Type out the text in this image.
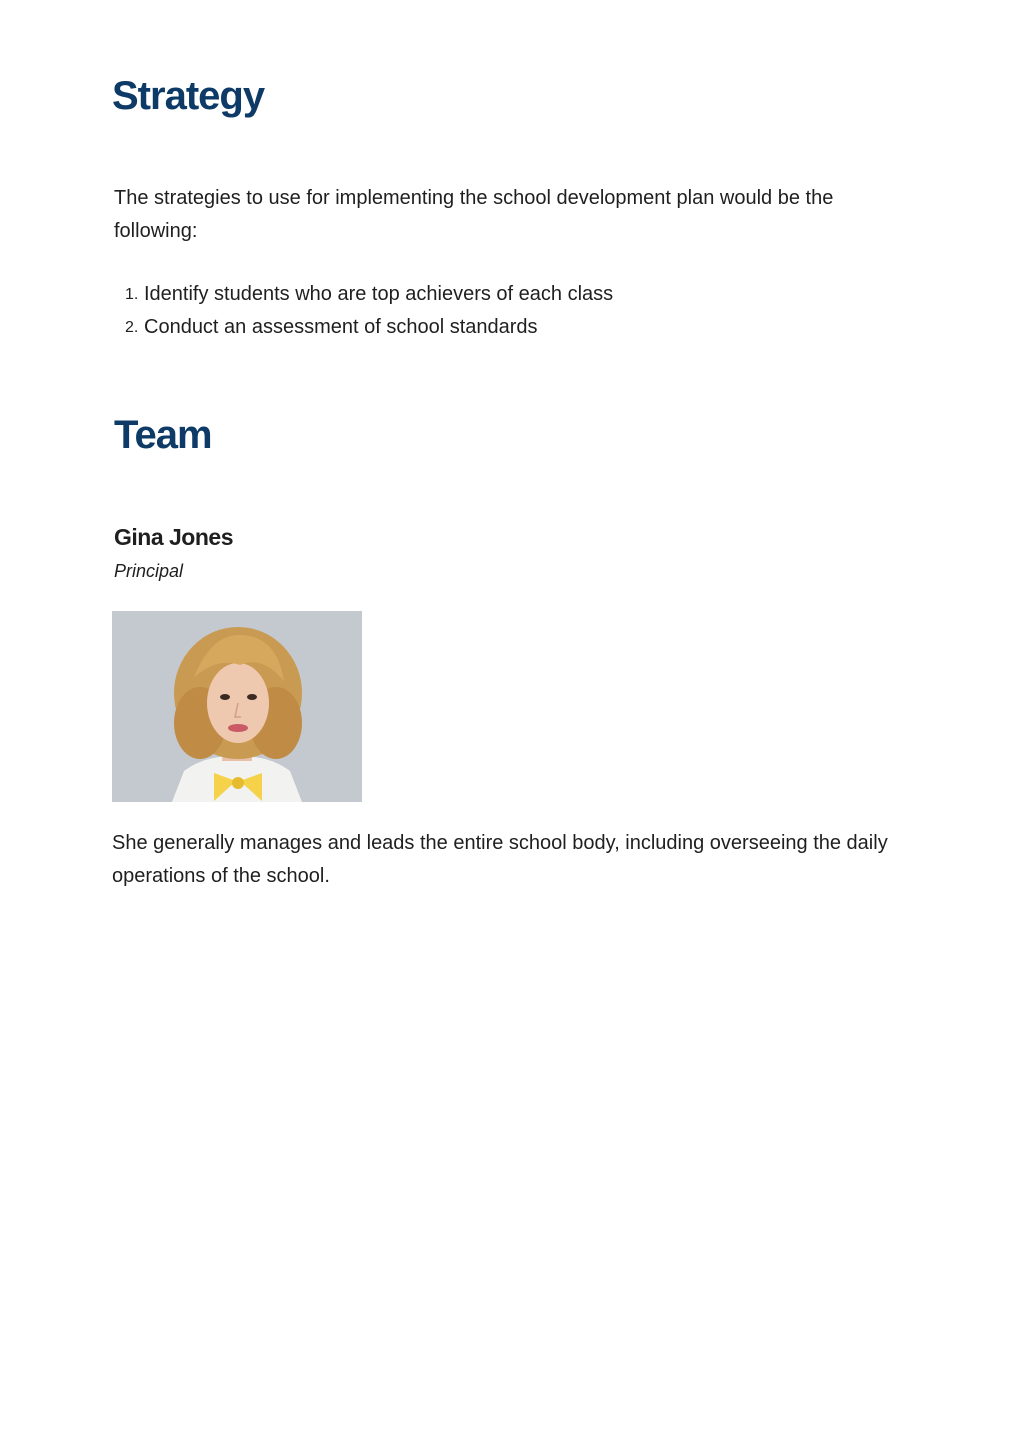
Strategy

The strategies to use for implementing the school development plan would be the following:

1. Identify students who are top achievers of each class
2. Conduct an assessment of school standards
Team
Gina Jones

Principal

She generally manages and leads the entire school body, including overseeing the daily operations of the school.
